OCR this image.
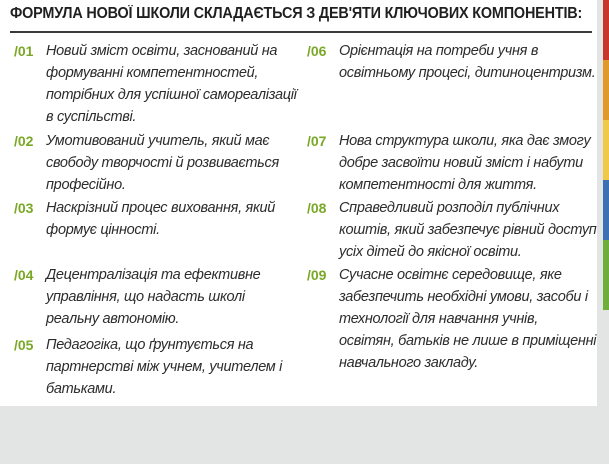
ФОРМУЛА НОВОЇ ШКОЛИ СКЛАДАЄТЬСЯ З ДЕВ'ЯТИ КЛЮЧОВИХ КОМПОНЕНТІВ:
/01 Новий зміст освіти, заснований на формуванні компетентностей, потрібних для успішної самореалізації в суспільстві.
/02 Умотивований учитель, який має свободу творчості й розвивається професійно.
/03 Наскрізний процес виховання, який формує цінності.
/04 Децентралізація та ефективне управління, що надасть школі реальну автономію.
/05 Педагогіка, що ґрунтується на партнерстві між учнем, учителем і батьками.
/06 Орієнтація на потреби учня в освітньому процесі, дитиноцентризм.
/07 Нова структура школи, яка дає змогу добре засвоїти новий зміст і набути компетентності для життя.
/08 Справедливий розподіл публічних коштів, який забезпечує рівний доступ усіх дітей до якісної освіти.
/09 Сучасне освітнє середовище, яке забезпечить необхідні умови, засоби і технології для навчання учнів, освітян, батьків не лише в приміщенні навчального закладу.
